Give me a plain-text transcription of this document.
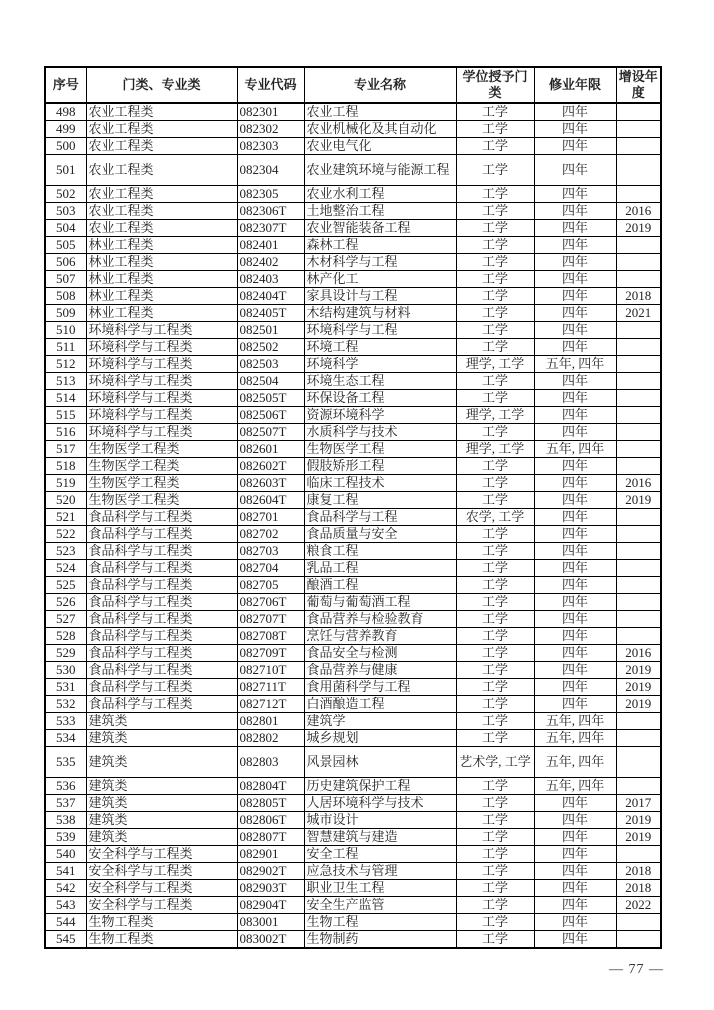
序号	门类、专业类	专业代码	专业名称	学位授予门类	修业年限	增设年度
498	农业工程类	082301	农业工程	工学	四年	
499	农业工程类	082302	农业机械化及其自动化	工学	四年	
500	农业工程类	082303	农业电气化	工学	四年	
501	农业工程类	082304	农业建筑环境与能源工程	工学	四年	
502	农业工程类	082305	农业水利工程	工学	四年	
503	农业工程类	082306T	土地整治工程	工学	四年	2016
504	农业工程类	082307T	农业智能装备工程	工学	四年	2019
505	林业工程类	082401	森林工程	工学	四年	
506	林业工程类	082402	木材科学与工程	工学	四年	
507	林业工程类	082403	林产化工	工学	四年	
508	林业工程类	082404T	家具设计与工程	工学	四年	2018
509	林业工程类	082405T	木结构建筑与材料	工学	四年	2021
510	环境科学与工程类	082501	环境科学与工程	工学	四年	
511	环境科学与工程类	082502	环境工程	工学	四年	
512	环境科学与工程类	082503	环境科学	理学, 工学	五年, 四年	
513	环境科学与工程类	082504	环境生态工程	工学	四年	
514	环境科学与工程类	082505T	环保设备工程	工学	四年	
515	环境科学与工程类	082506T	资源环境科学	理学, 工学	四年	
516	环境科学与工程类	082507T	水质科学与技术	工学	四年	
517	生物医学工程类	082601	生物医学工程	理学, 工学	五年, 四年	
518	生物医学工程类	082602T	假肢矫形工程	工学	四年	
519	生物医学工程类	082603T	临床工程技术	工学	四年	2016
520	生物医学工程类	082604T	康复工程	工学	四年	2019
521	食品科学与工程类	082701	食品科学与工程	农学, 工学	四年	
522	食品科学与工程类	082702	食品质量与安全	工学	四年	
523	食品科学与工程类	082703	粮食工程	工学	四年	
524	食品科学与工程类	082704	乳品工程	工学	四年	
525	食品科学与工程类	082705	酿酒工程	工学	四年	
526	食品科学与工程类	082706T	葡萄与葡萄酒工程	工学	四年	
527	食品科学与工程类	082707T	食品营养与检验教育	工学	四年	
528	食品科学与工程类	082708T	烹饪与营养教育	工学	四年	
529	食品科学与工程类	082709T	食品安全与检测	工学	四年	2016
530	食品科学与工程类	082710T	食品营养与健康	工学	四年	2019
531	食品科学与工程类	082711T	食用菌科学与工程	工学	四年	2019
532	食品科学与工程类	082712T	白酒酿造工程	工学	四年	2019
533	建筑类	082801	建筑学	工学	五年, 四年	
534	建筑类	082802	城乡规划	工学	五年, 四年	
535	建筑类	082803	风景园林	艺术学, 工学	五年, 四年	
536	建筑类	082804T	历史建筑保护工程	工学	五年, 四年	
537	建筑类	082805T	人居环境科学与技术	工学	四年	2017
538	建筑类	082806T	城市设计	工学	四年	2019
539	建筑类	082807T	智慧建筑与建造	工学	四年	2019
540	安全科学与工程类	082901	安全工程	工学	四年	
541	安全科学与工程类	082902T	应急技术与管理	工学	四年	2018
542	安全科学与工程类	082903T	职业卫生工程	工学	四年	2018
543	安全科学与工程类	082904T	安全生产监管	工学	四年	2022
544	生物工程类	083001	生物工程	工学	四年	
545	生物工程类	083002T	生物制药	工学	四年	
— 77 —
